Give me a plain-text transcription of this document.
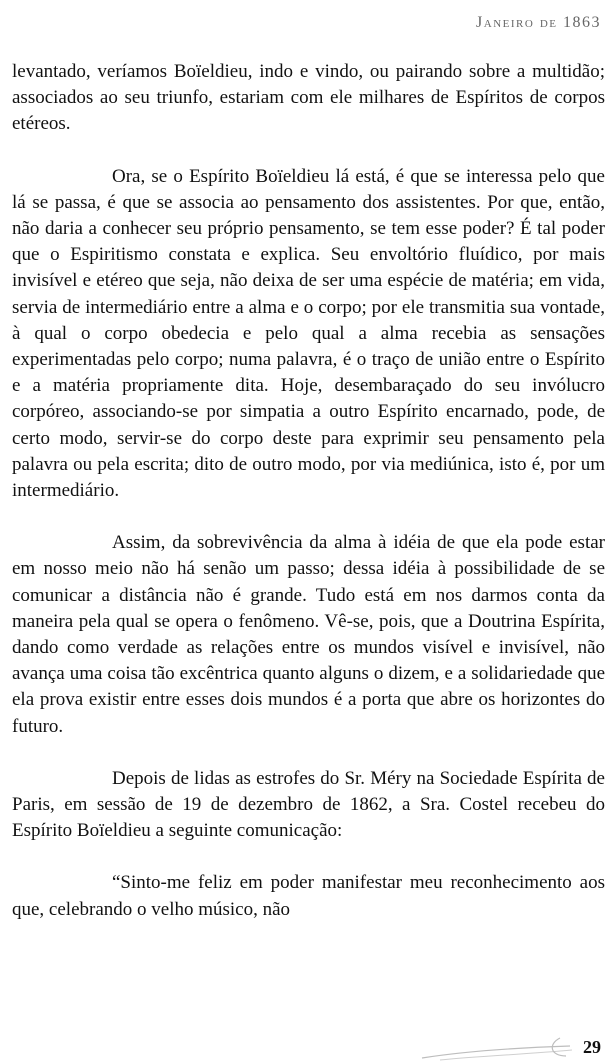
Janeiro de 1863

levantado, veríamos Boïeldieu, indo e vindo, ou pairando sobre a multidão; associados ao seu triunfo, estariam com ele milhares de Espíritos de corpos etéreos.

Ora, se o Espírito Boïeldieu lá está, é que se interessa pelo que lá se passa, é que se associa ao pensamento dos assistentes. Por que, então, não daria a conhecer seu próprio pensamento, se tem esse poder? É tal poder que o Espiritismo constata e explica. Seu envoltório fluídico, por mais invisível e etéreo que seja, não deixa de ser uma espécie de matéria; em vida, servia de intermediário entre a alma e o corpo; por ele transmitia sua vontade, à qual o corpo obedecia e pelo qual a alma recebia as sensações experimentadas pelo corpo; numa palavra, é o traço de união entre o Espírito e a matéria propriamente dita. Hoje, desembaraçado do seu invólucro corpóreo, associando-se por simpatia a outro Espírito encarnado, pode, de certo modo, servir-se do corpo deste para exprimir seu pensamento pela palavra ou pela escrita; dito de outro modo, por via mediúnica, isto é, por um intermediário.

Assim, da sobrevivência da alma à idéia de que ela pode estar em nosso meio não há senão um passo; dessa idéia à possibilidade de se comunicar a distância não é grande. Tudo está em nos darmos conta da maneira pela qual se opera o fenômeno. Vê-se, pois, que a Doutrina Espírita, dando como verdade as relações entre os mundos visível e invisível, não avança uma coisa tão excêntrica quanto alguns o dizem, e a solidariedade que ela prova existir entre esses dois mundos é a porta que abre os horizontes do futuro.

Depois de lidas as estrofes do Sr. Méry na Sociedade Espírita de Paris, em sessão de 19 de dezembro de 1862, a Sra. Costel recebeu do Espírito Boïeldieu a seguinte comunicação:

“Sinto-me feliz em poder manifestar meu reconhecimento aos que, celebrando o velho músico, não

29
